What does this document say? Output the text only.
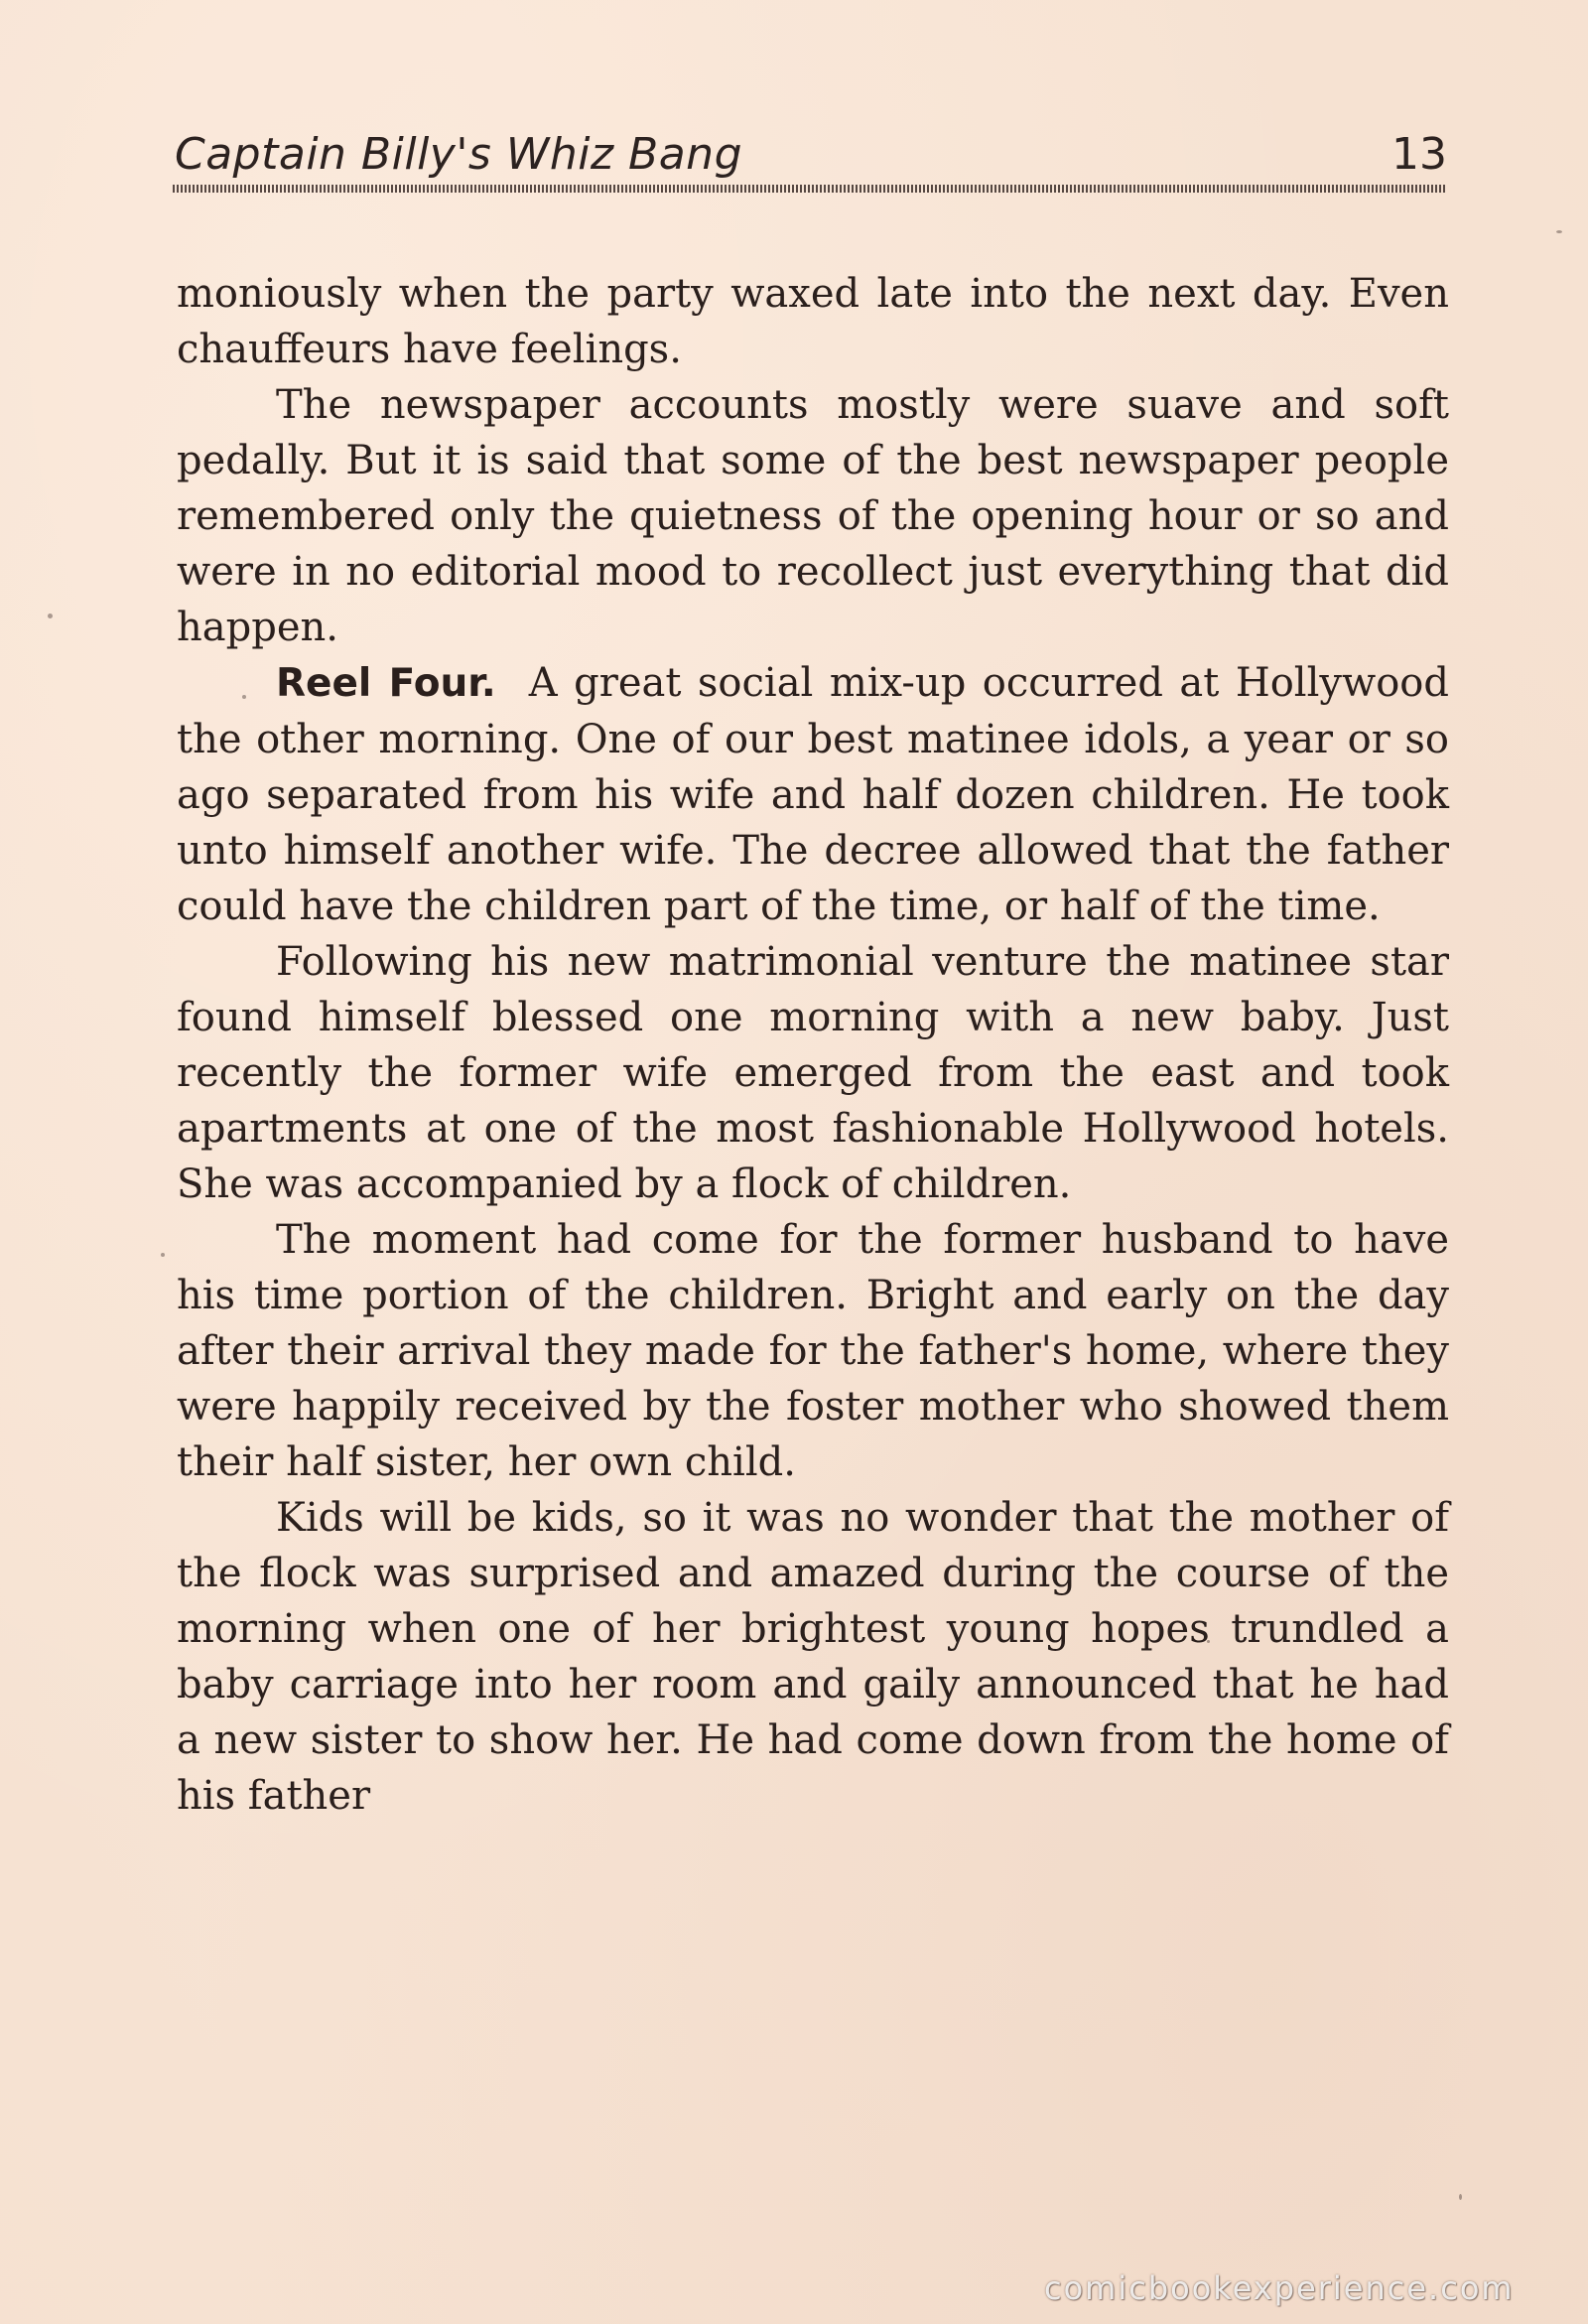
Captain Billy's Whiz Bang	13

moniously when the party waxed late into the next day. Even chauffeurs have feelings.

The newspaper accounts mostly were suave and soft pedally. But it is said that some of the best newspaper people remembered only the quietness of the opening hour or so and were in no editorial mood to recollect just everything that did happen.

Reel Four. A great social mix-up occurred at Hollywood the other morning. One of our best matinee idols, a year or so ago separated from his wife and half dozen children. He took unto himself another wife. The decree allowed that the father could have the children part of the time, or half of the time.

Following his new matrimonial venture the matinee star found himself blessed one morning with a new baby. Just recently the former wife emerged from the east and took apartments at one of the most fashionable Hollywood hotels. She was accompanied by a flock of children.

The moment had come for the former husband to have his time portion of the children. Bright and early on the day after their arrival they made for the father's home, where they were happily received by the foster mother who showed them their half sister, her own child.

Kids will be kids, so it was no wonder that the mother of the flock was surprised and amazed during the course of the morning when one of her brightest young hopes trundled a baby carriage into her room and gaily announced that he had a new sister to show her. He had come down from the home of his father

comicbookexperience.com
